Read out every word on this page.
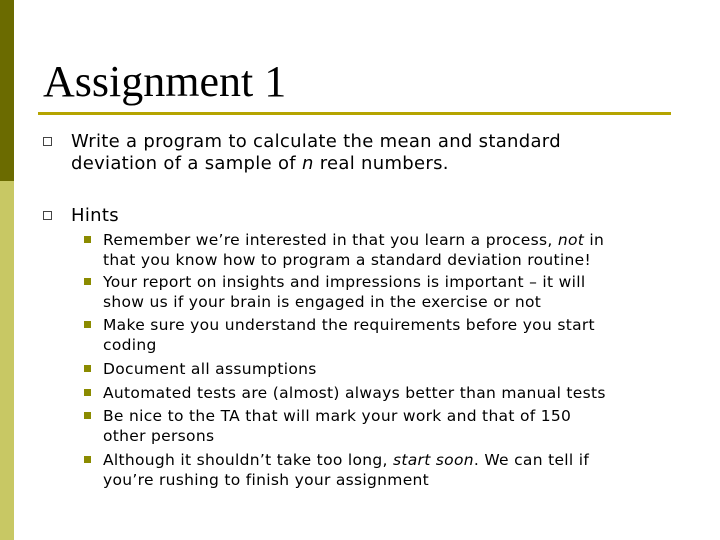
Assignment 1
Write a program to calculate the mean and standard
deviation of a sample of n real numbers.
Hints
Remember we’re interested in that you learn a process, not in
that you know how to program a standard deviation routine!
Your report on insights and impressions is important – it will
show us if your brain is engaged in the exercise or not
Make sure you understand the requirements before you start
coding
Document all assumptions
Automated tests are (almost) always better than manual tests
Be nice to the TA that will mark your work and that of 150
other persons
Although it shouldn’t take too long, start soon. We can tell if
you’re rushing to finish your assignment
